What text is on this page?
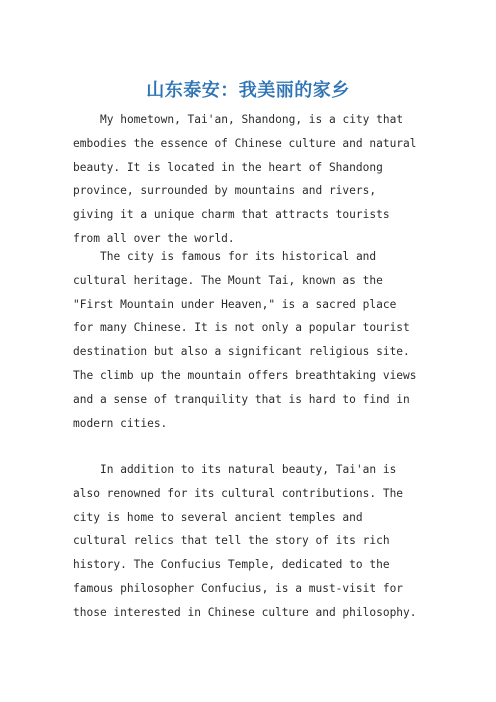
山东泰安：我美丽的家乡

My hometown, Tai'an, Shandong, is a city that embodies the essence of Chinese culture and natural beauty. It is located in the heart of Shandong province, surrounded by mountains and rivers, giving it a unique charm that attracts tourists from all over the world.

The city is famous for its historical and cultural heritage. The Mount Tai, known as the "First Mountain under Heaven," is a sacred place for many Chinese. It is not only a popular tourist destination but also a significant religious site. The climb up the mountain offers breathtaking views and a sense of tranquility that is hard to find in modern cities.

In addition to its natural beauty, Tai'an is also renowned for its cultural contributions. The city is home to several ancient temples and cultural relics that tell the story of its rich history. The Confucius Temple, dedicated to the famous philosopher Confucius, is a must-visit for those interested in Chinese culture and philosophy.
